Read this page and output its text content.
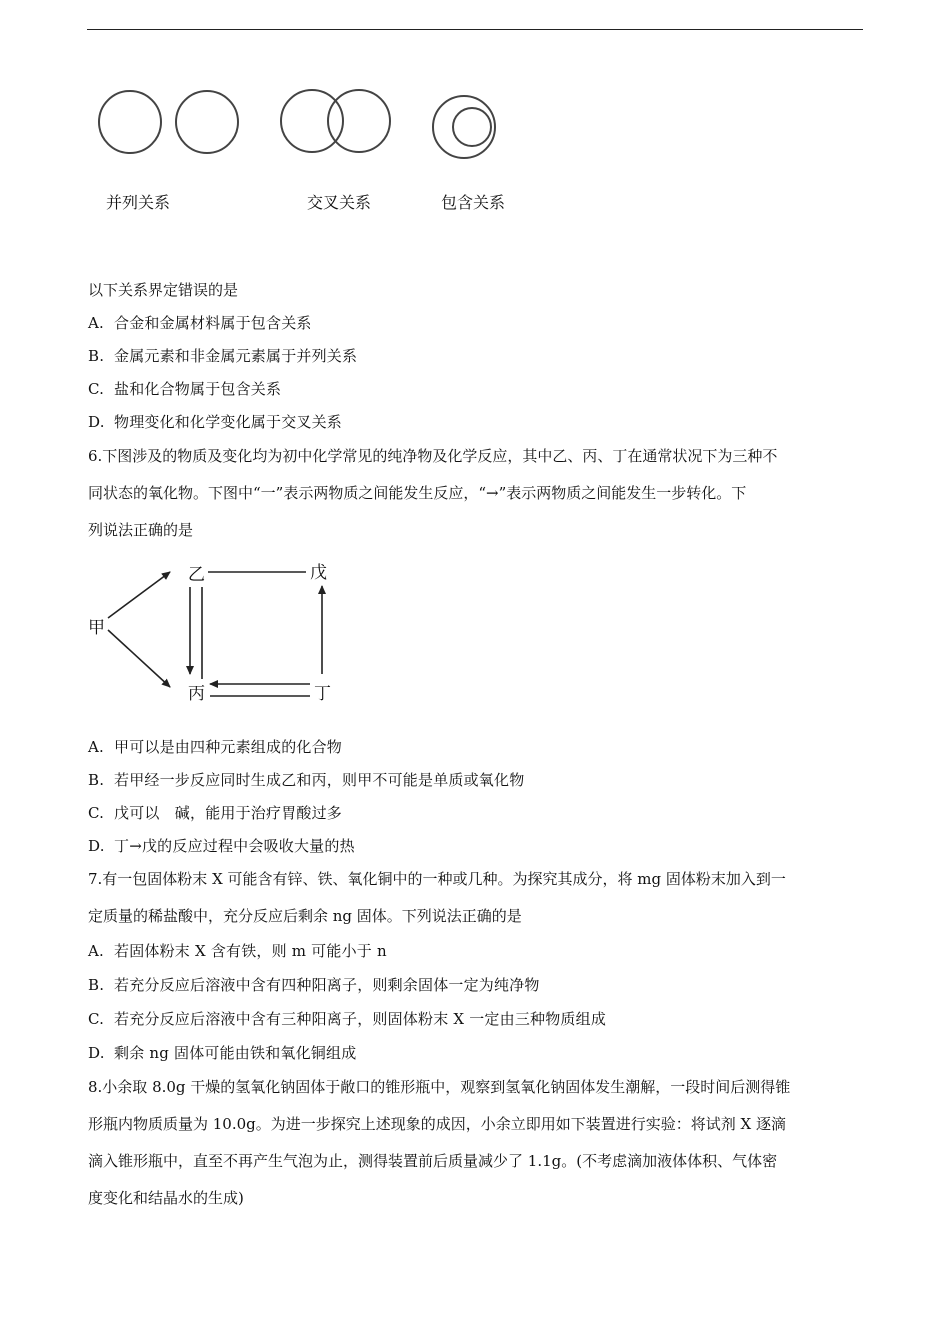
并列关系	交叉关系	包含关系
以下关系界定错误的是
A. 合金和金属材料属于包含关系
B. 金属元素和非金属元素属于并列关系
C. 盐和化合物属于包含关系
D. 物理变化和化学变化属于交叉关系
6.下图涉及的物质及变化均为初中化学常见的纯净物及化学反应，其中乙、丙、丁在通常状况下为三种不
同状态的氧化物。下图中“一”表示两物质之间能发生反应，“→”表示两物质之间能发生一步转化。下
列说法正确的是
甲
乙	戊
丙	丁
A. 甲可以是由四种元素组成的化合物
B. 若甲经一步反应同时生成乙和丙，则甲不可能是单质或氧化物
C. 戊可以　碱，能用于治疗胃酸过多
D. 丁→戊的反应过程中会吸收大量的热
7.有一包固体粉末 X 可能含有锌、铁、氧化铜中的一种或几种。为探究其成分，将 mg 固体粉末加入到一
定质量的稀盐酸中，充分反应后剩余 ng 固体。下列说法正确的是
A. 若固体粉末 X 含有铁，则 m 可能小于 n
B. 若充分反应后溶液中含有四种阳离子，则剩余固体一定为纯净物
C. 若充分反应后溶液中含有三种阳离子，则固体粉末 X 一定由三种物质组成
D. 剩余 ng 固体可能由铁和氧化铜组成
8.小余取 8.0g 干燥的氢氧化钠固体于敞口的锥形瓶中，观察到氢氧化钠固体发生潮解，一段时间后测得锥
形瓶内物质质量为 10.0g。为进一步探究上述现象的成因，小余立即用如下装置进行实验：将试剂 X 逐滴
滴入锥形瓶中，直至不再产生气泡为止，测得装置前后质量减少了 1.1g。(不考虑滴加液体体积、气体密
度变化和结晶水的生成)
